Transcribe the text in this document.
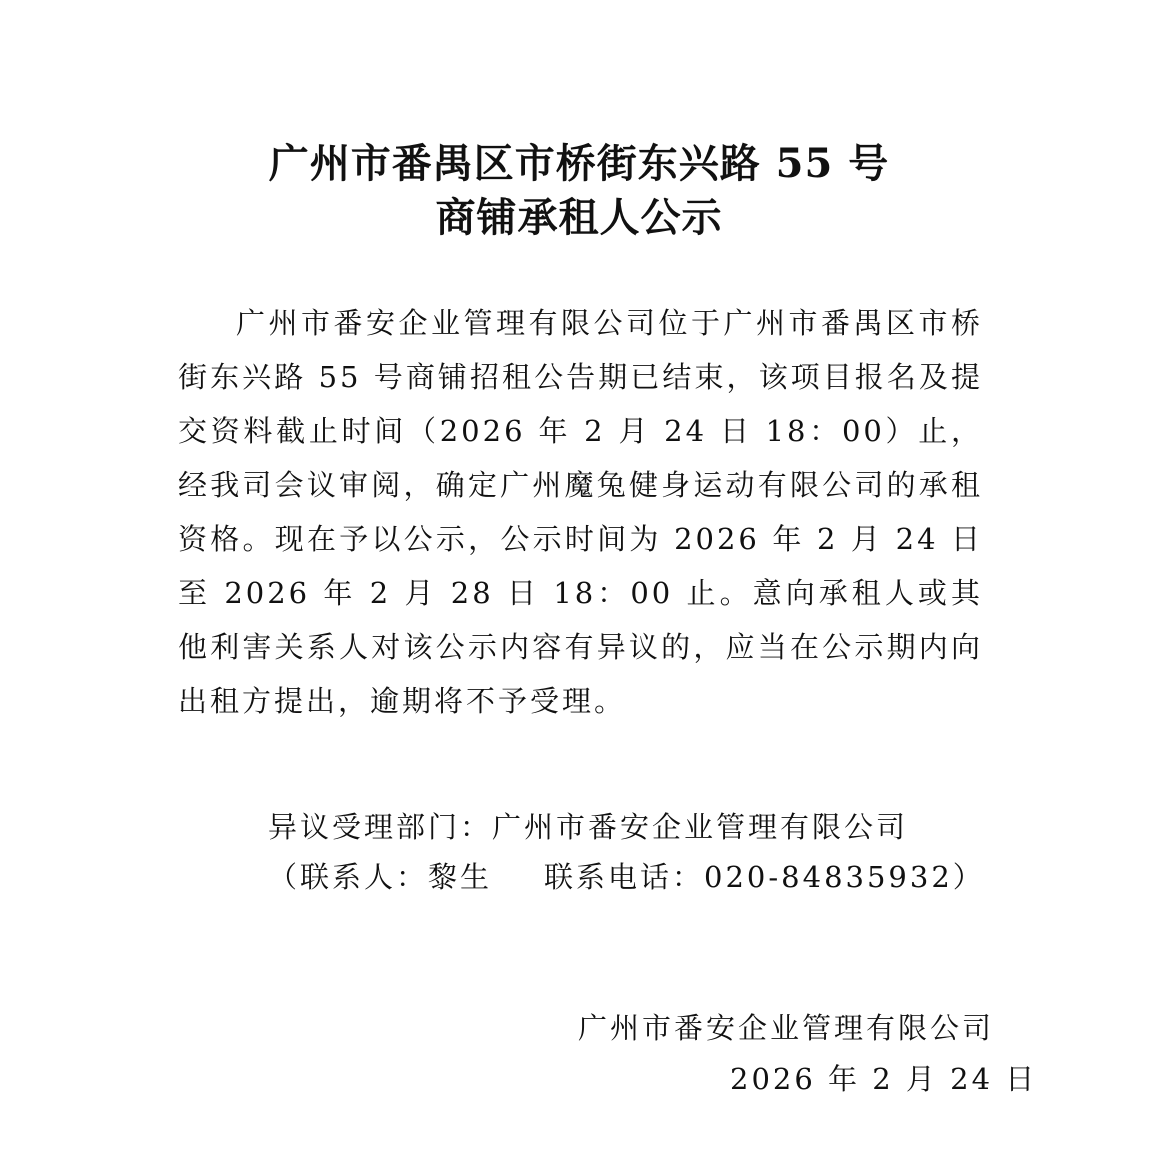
广州市番禺区市桥街东兴路 55 号
商铺承租人公示
广州市番安企业管理有限公司位于广州市番禺区市桥街东兴路 55 号商铺招租公告期已结束，该项目报名及提交资料截止时间（2026 年 2 月 24 日 18：00）止，经我司会议审阅，确定广州魔兔健身运动有限公司的承租资格。现在予以公示，公示时间为 2026 年 2 月 24 日至 2026 年 2 月 28 日 18：00 止。意向承租人或其他利害关系人对该公示内容有异议的，应当在公示期内向出租方提出，逾期将不予受理。
异议受理部门：广州市番安企业管理有限公司
（联系人：黎生 联系电话：020-84835932）
广州市番安企业管理有限公司
2026 年 2 月 24 日
